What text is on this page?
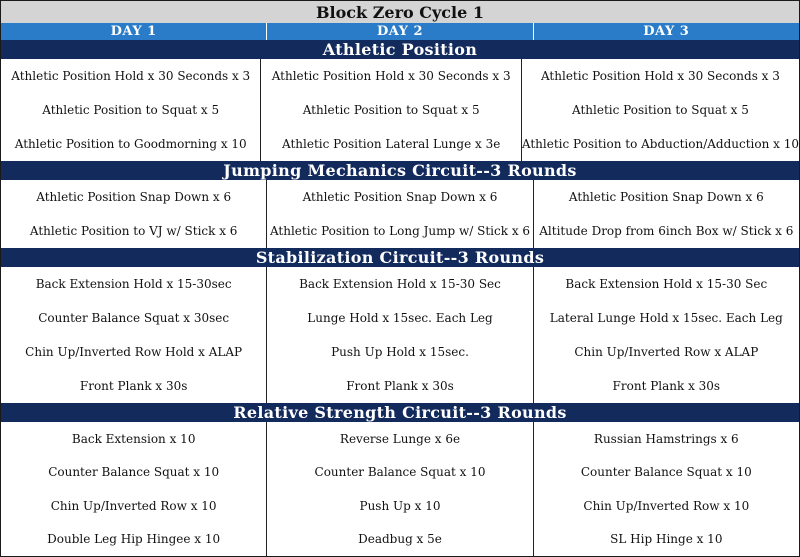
Block Zero Cycle 1
DAY 1	DAY 2	DAY 3
Athletic Position
Athletic Position Hold x 30 Seconds x 3
Athletic Position to Squat x 5
Athletic Position to Goodmorning x 10
Athletic Position Hold x 30 Seconds x 3
Athletic Position to Squat x 5
Athletic Position Lateral Lunge x 3e
Athletic Position Hold x 30 Seconds x 3
Athletic Position to Squat x 5
Athletic Position to Abduction/Adduction x 10
Jumping Mechanics Circuit--3 Rounds
Athletic Position Snap Down x 6
Athletic Position to VJ w/ Stick x 6
Athletic Position Snap Down x 6
Athletic Position to Long Jump w/ Stick x 6
Athletic Position Snap Down x 6
Altitude Drop from 6inch Box w/ Stick x 6
Stabilization Circuit--3 Rounds
Back Extension Hold x 15-30sec
Counter Balance Squat x 30sec
Chin Up/Inverted Row Hold x ALAP
Front Plank x 30s
Back Extension Hold x 15-30 Sec
Lunge Hold x 15sec. Each Leg
Push Up Hold x 15sec.
Front Plank x 30s
Back Extension Hold x 15-30 Sec
Lateral Lunge Hold x 15sec. Each Leg
Chin Up/Inverted Row x ALAP
Front Plank x 30s
Relative Strength Circuit--3 Rounds
Back Extension x 10
Counter Balance Squat x 10
Chin Up/Inverted Row x 10
Double Leg Hip Hingee x 10
Reverse Lunge x 6e
Counter Balance Squat x 10
Push Up x 10
Deadbug x 5e
Russian Hamstrings x 6
Counter Balance Squat x 10
Chin Up/Inverted Row x 10
SL Hip Hinge x 10
